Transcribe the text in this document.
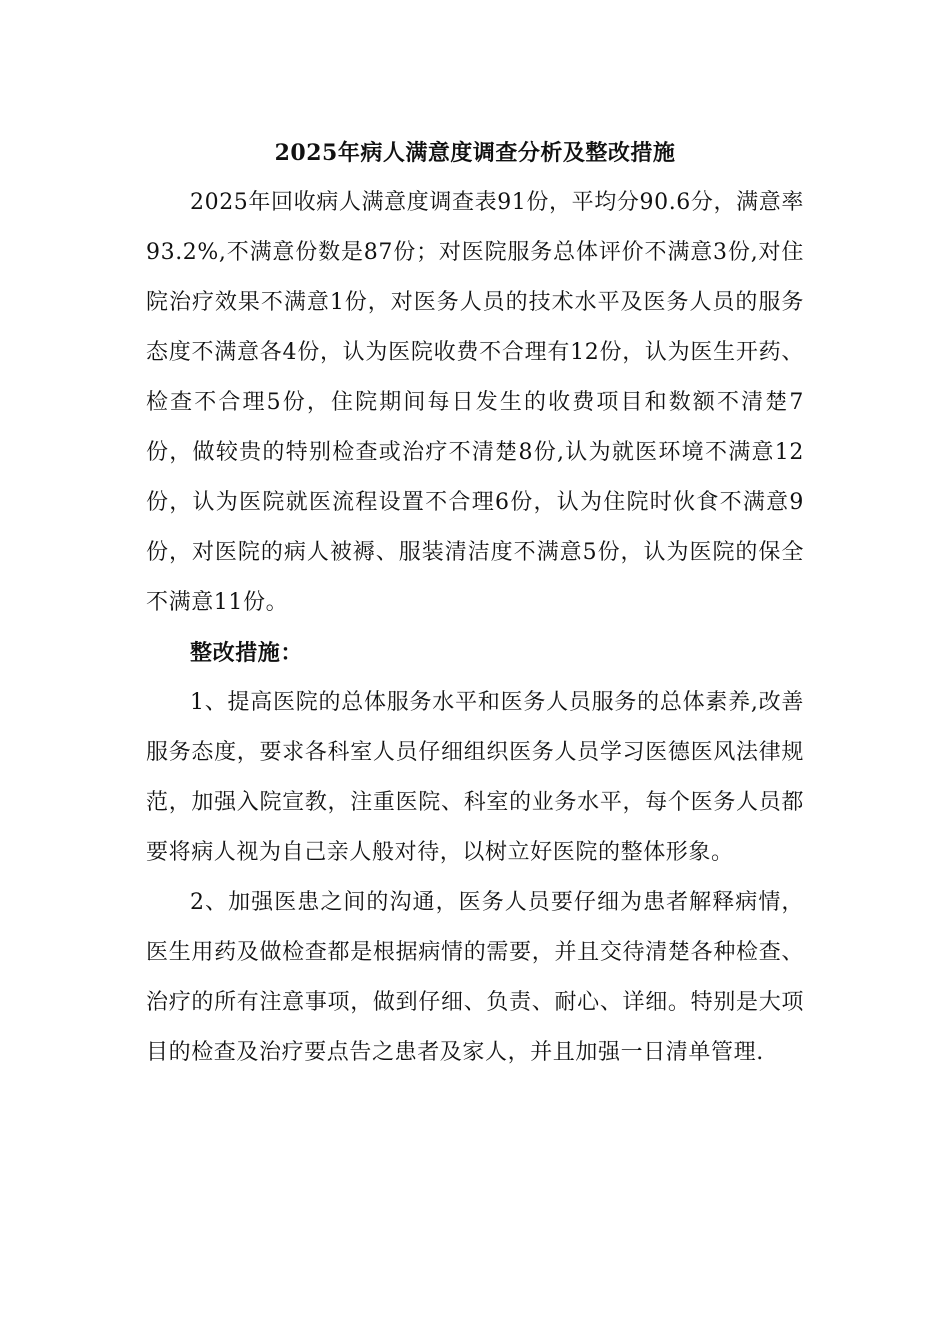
2025年病人满意度调查分析及整改措施

2025年回收病人满意度调查表91份，平均分90.6分，满意率93.2%,不满意份数是87份；对医院服务总体评价不满意3份,对住院治疗效果不满意1份，对医务人员的技术水平及医务人员的服务态度不满意各4份，认为医院收费不合理有12份，认为医生开药、检查不合理5份，住院期间每日发生的收费项目和数额不清楚7份，做较贵的特别检查或治疗不清楚8份,认为就医环境不满意12份，认为医院就医流程设置不合理6份，认为住院时伙食不满意9份，对医院的病人被褥、服装清洁度不满意5份，认为医院的保全不满意11份。

整改措施：

1、提高医院的总体服务水平和医务人员服务的总体素养,改善服务态度，要求各科室人员仔细组织医务人员学习医德医风法律规范，加强入院宣教，注重医院、科室的业务水平，每个医务人员都要将病人视为自己亲人般对待，以树立好医院的整体形象。

2、加强医患之间的沟通，医务人员要仔细为患者解释病情，医生用药及做检查都是根据病情的需要，并且交待清楚各种检查、治疗的所有注意事项，做到仔细、负责、耐心、详细。特别是大项目的检查及治疗要点告之患者及家人，并且加强一日清单管理.
